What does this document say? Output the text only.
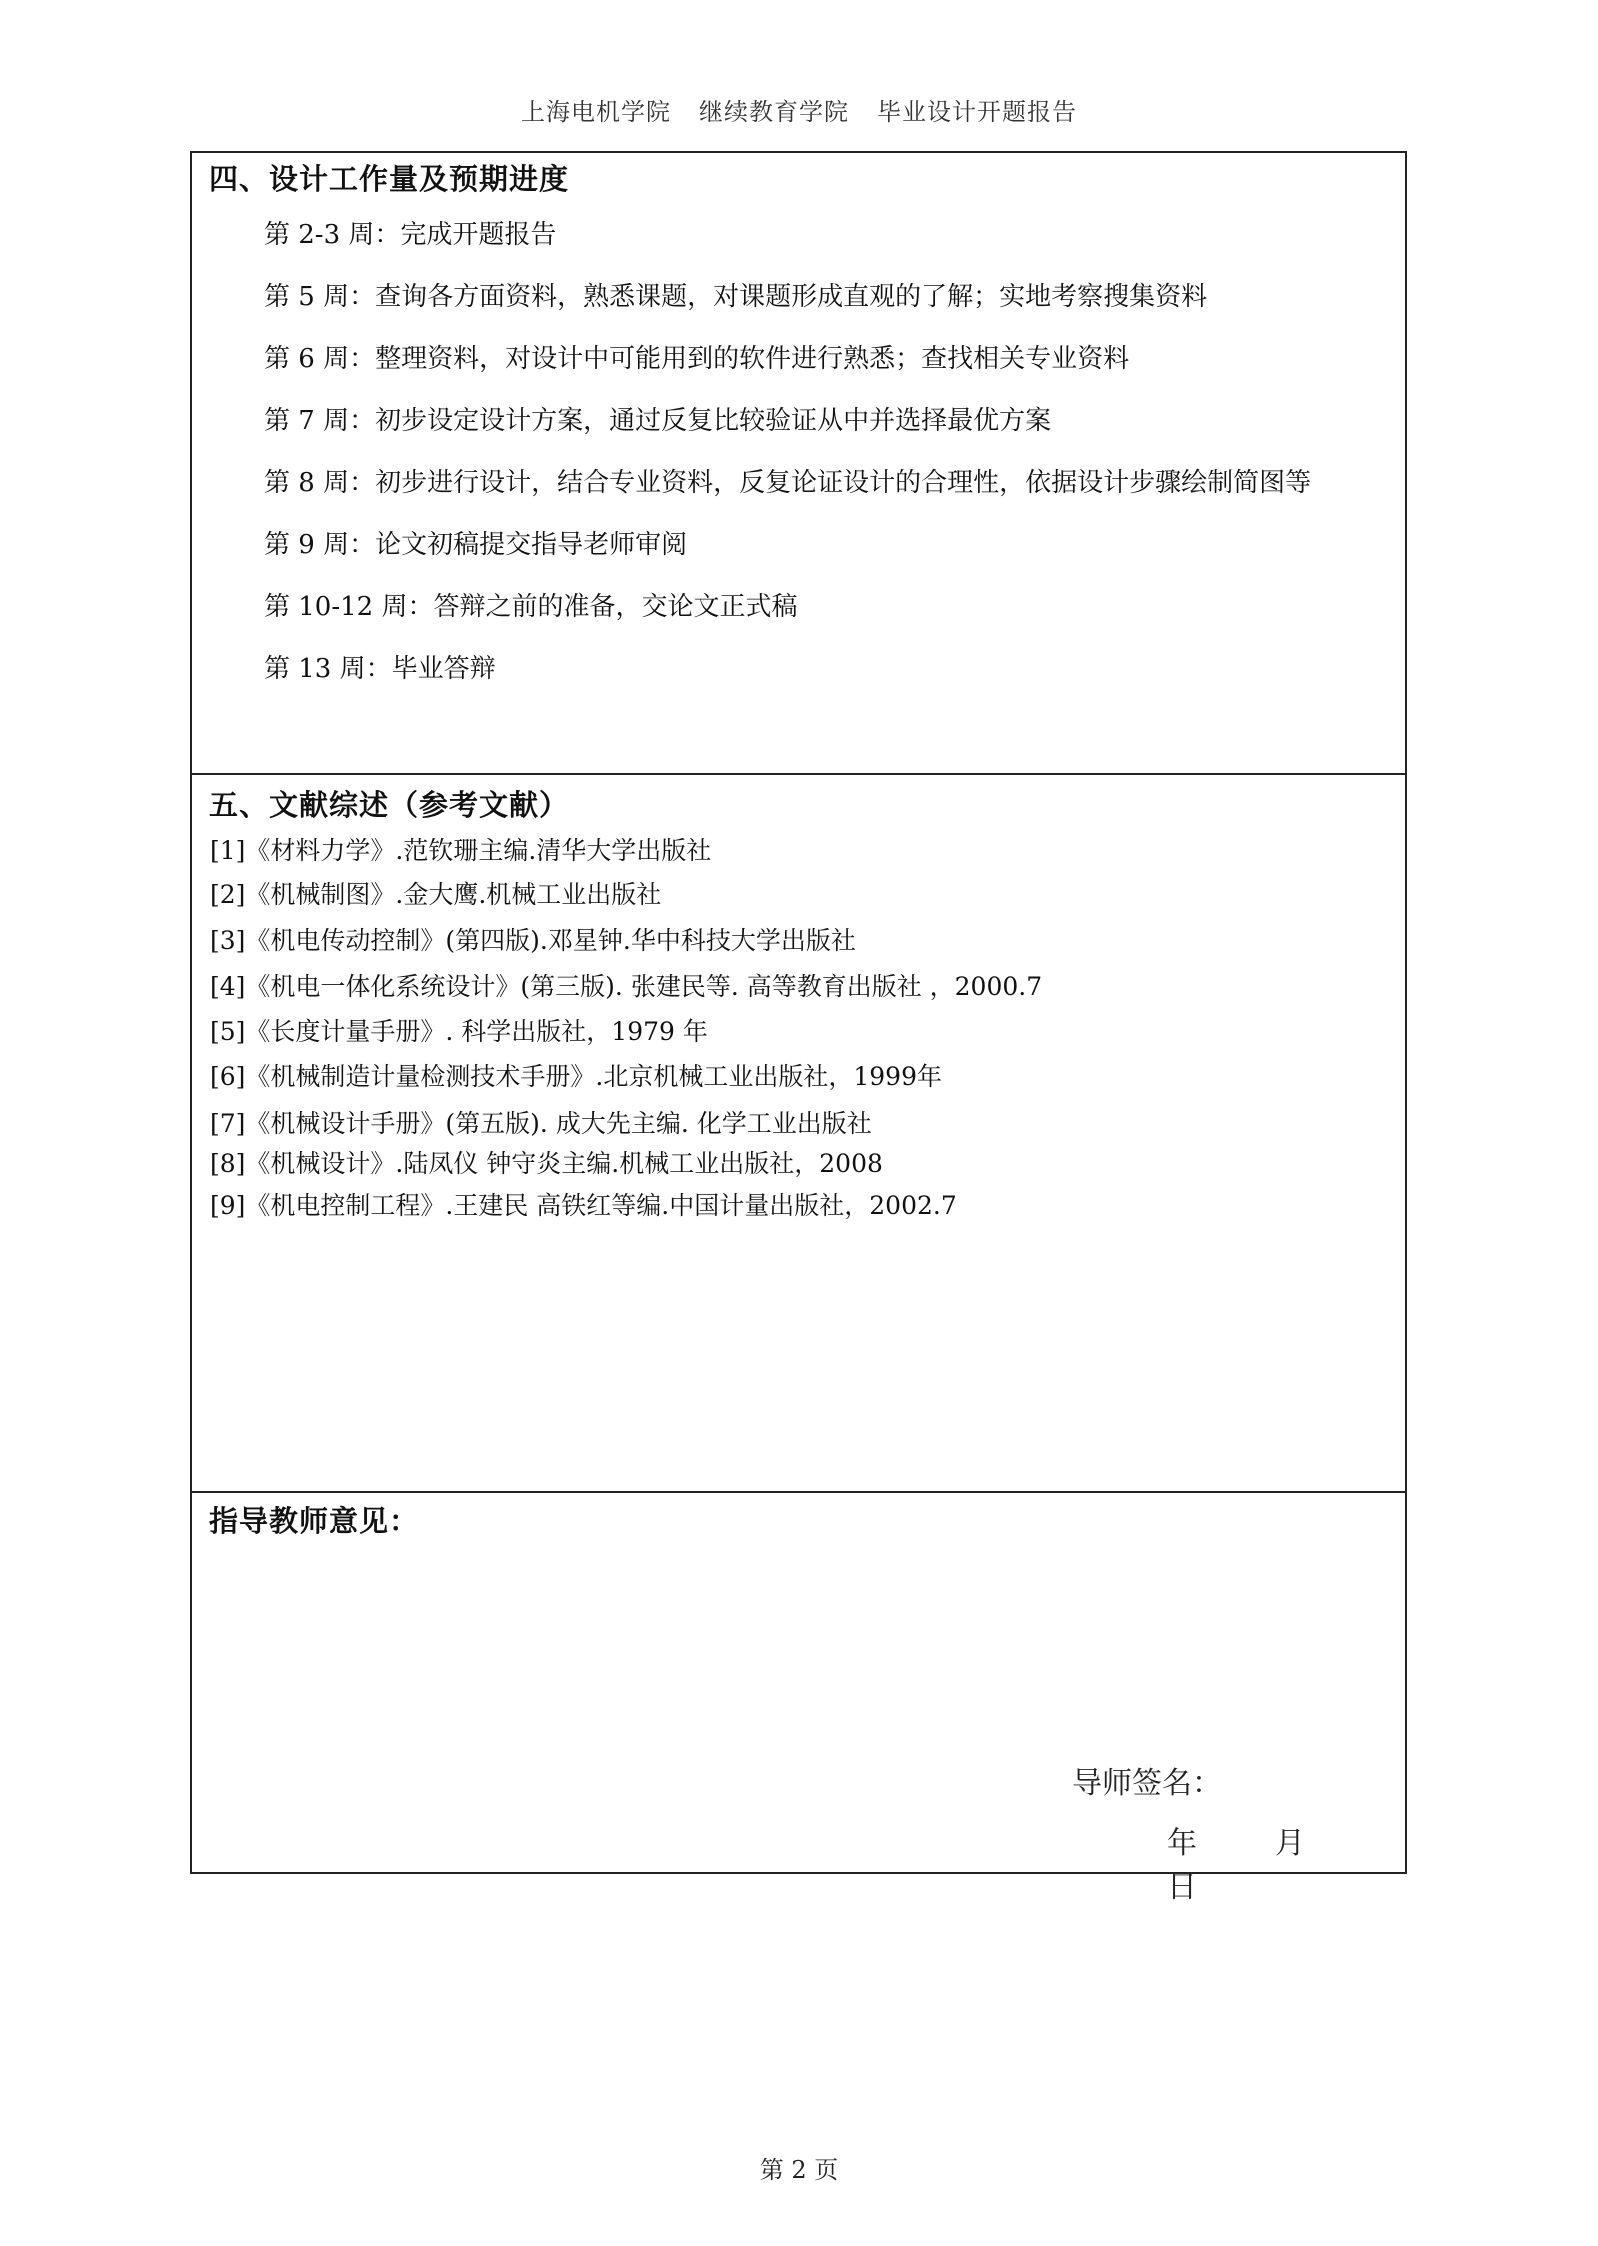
上海电机学院 继续教育学院 毕业设计开题报告
四、设计工作量及预期进度
第 2-3 周：完成开题报告
第 5 周：查询各方面资料，熟悉课题，对课题形成直观的了解；实地考察搜集资料
第 6 周：整理资料，对设计中可能用到的软件进行熟悉；查找相关专业资料
第 7 周：初步设定设计方案，通过反复比较验证从中并选择最优方案
第 8 周：初步进行设计，结合专业资料，反复论证设计的合理性，依据设计步骤绘制简图等
第 9 周：论文初稿提交指导老师审阅
第 10-12 周：答辩之前的准备，交论文正式稿
第 13 周：毕业答辩
五、文献综述（参考文献）
[1]《材料力学》.范钦珊主编.清华大学出版社
[2]《机械制图》.金大鹰.机械工业出版社
[3]《机电传动控制》(第四版).邓星钟.华中科技大学出版社
[4]《机电一体化系统设计》(第三版). 张建民等. 高等教育出版社 ，2000.7
[5]《长度计量手册》. 科学出版社，1979 年
[6]《机械制造计量检测技术手册》.北京机械工业出版社，1999年
[7]《机械设计手册》(第五版). 成大先主编. 化学工业出版社
[8]《机械设计》.陆凤仪 钟守炎主编.机械工业出版社，2008
[9]《机电控制工程》.王建民 高铁红等编.中国计量出版社，2002.7
指导教师意见：
导师签名：
年	月日
第 2 页
